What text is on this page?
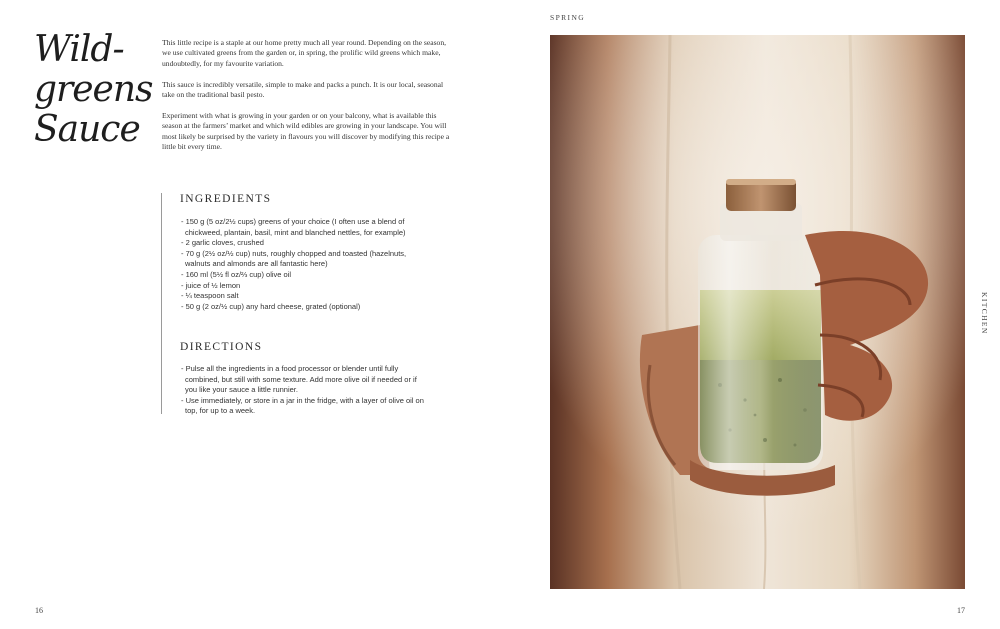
Wild-
greens
Sauce

This little recipe is a staple at our home pretty much all year round. Depending on the season, we use cultivated greens from the garden or, in spring, the prolific wild greens which make, undoubtedly, for my favourite variation.

This sauce is incredibly versatile, simple to make and packs a punch. It is our local, seasonal take on the traditional basil pesto.

Experiment with what is growing in your garden or on your balcony, what is available this season at the farmers’ market and which wild edibles are growing in your landscape. You will most likely be surprised by the variety in flavours you will discover by modifying this recipe a little bit every time.

INGREDIENTS
- 150 g (5 oz/2½ cups) greens of your choice (I often use a blend of chickweed, plantain, basil, mint and blanched nettles, for example)
- 2 garlic cloves, crushed
- 70 g (2½ oz/½ cup) nuts, roughly chopped and toasted (hazelnuts, walnuts and almonds are all fantastic here)
- 160 ml (5½ fl oz/⅔ cup) olive oil
- juice of ½ lemon
- ¼ teaspoon salt
- 50 g (2 oz/½ cup) any hard cheese, grated (optional)
DIRECTIONS
- Pulse all the ingredients in a food processor or blender until fully combined, but still with some texture. Add more olive oil if needed or if you like your sauce a little runnier.
- Use immediately, or store in a jar in the fridge, with a layer of olive oil on top, for up to a week.
16
SPRING
KITCHEN
17
